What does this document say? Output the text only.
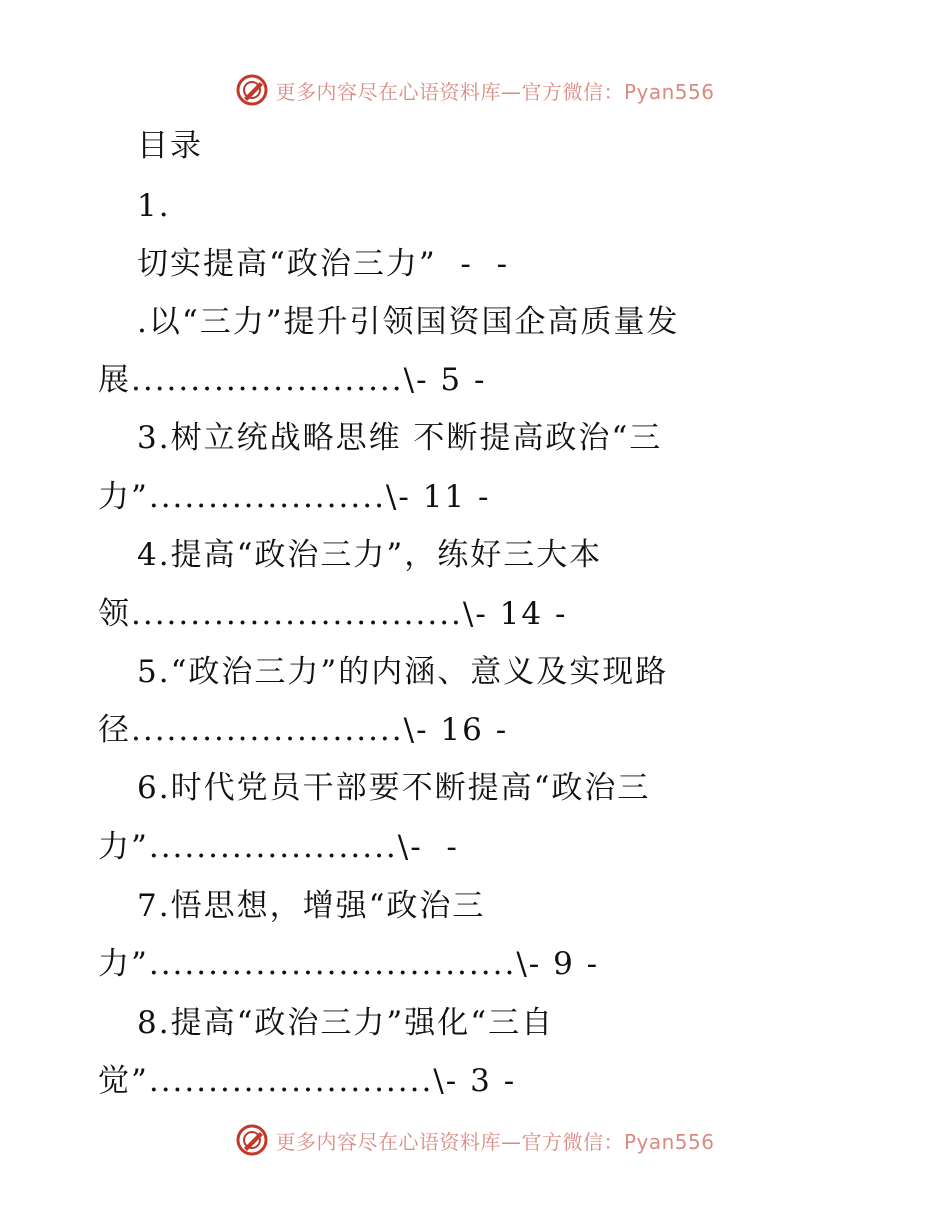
更多内容尽在心语资料库—官方微信：Pyan556
目录
1.
切实提高“政治三力”  -  -
.以“三力”提升引领国资国企高质量发
展.......................\- 5 -
3.树立统战略思维 不断提高政治“三
力”....................\- 11 -
4.提高“政治三力”，练好三大本
领............................\- 14 -
5.“政治三力”的内涵、意义及实现路
径.......................\- 16 -
6.时代党员干部要不断提高“政治三
力”.....................\-  -
7.悟思想，增强“政治三
力”...............................\- 9 -
8.提高“政治三力”强化“三自
觉”........................\- 3 -
更多内容尽在心语资料库—官方微信：Pyan556
